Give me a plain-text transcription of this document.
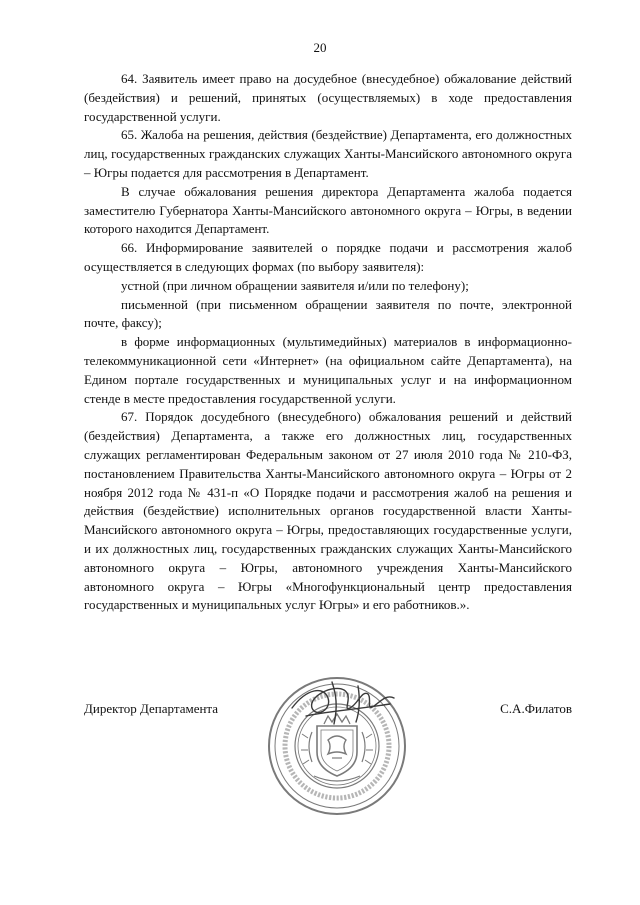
20

64. Заявитель имеет право на досудебное (внесудебное) обжалование действий (бездействия) и решений, принятых (осуществляемых) в ходе предоставления государственной услуги.

65. Жалоба на решения, действия (бездействие) Департамента, его должностных лиц, государственных гражданских служащих Ханты-Мансийского автономного округа – Югры подается для рассмотрения в Департамент.

В случае обжалования решения директора Департамента жалоба подается заместителю Губернатора Ханты-Мансийского автономного округа – Югры, в ведении которого находится Департамент.

66. Информирование заявителей о порядке подачи и рассмотрения жалоб осуществляется в следующих формах (по выбору заявителя):

устной (при личном обращении заявителя и/или по телефону);

письменной (при письменном обращении заявителя по почте, электронной почте, факсу);

в форме информационных (мультимедийных) материалов в информационно-телекоммуникационной сети «Интернет» (на официальном сайте Департамента), на Едином портале государственных и муниципальных услуг и на информационном стенде в месте предоставления государственной услуги.

67. Порядок досудебного (внесудебного) обжалования решений и действий (бездействия) Департамента, а также его должностных лиц, государственных служащих регламентирован Федеральным законом от 27 июля 2010 года № 210-ФЗ, постановлением Правительства Ханты-Мансийского автономного округа – Югры от 2 ноября 2012 года № 431-п «О Порядке подачи и рассмотрения жалоб на решения и действия (бездействие) исполнительных органов государственной власти Ханты-Мансийского автономного округа – Югры, предоставляющих государственные услуги, и их должностных лиц, государственных гражданских служащих Ханты-Мансийского автономного округа – Югры, автономного учреждения Ханты-Мансийского автономного округа – Югры «Многофункциональный центр предоставления государственных и муниципальных услуг Югры» и его работников.».

Директор Департамента	С.А.Филатов
